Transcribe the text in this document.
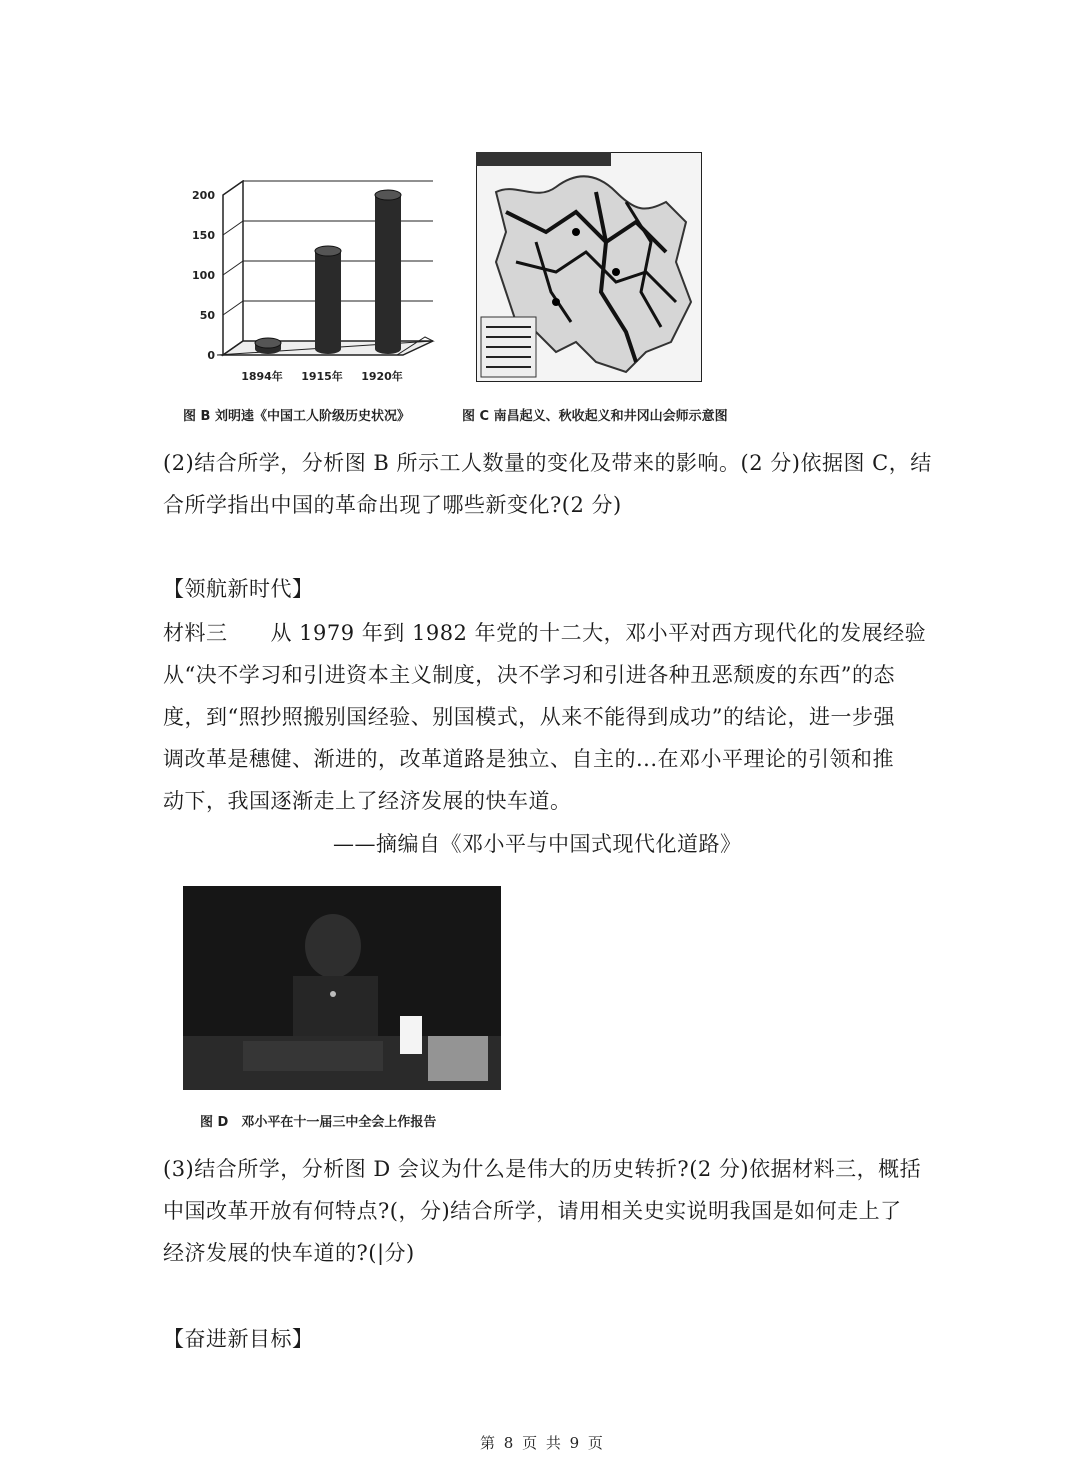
0
50
100
150
200
1894年 1915年 1920年
图 B 刘明逵《中国工人阶级历史状况》	图 C 南昌起义、秋收起义和井冈山会师示意图
(2)结合所学，分析图 B 所示工人数量的变化及带来的影响。(2 分)依据图 C，结
合所学指出中国的革命出现了哪些新变化?(2 分)
【领航新时代】
材料三　　从 1979 年到 1982 年党的十二大，邓小平对西方现代化的发展经验
从“决不学习和引进资本主义制度，决不学习和引进各种丑恶颓废的东西”的态
度，到“照抄照搬别国经验、别国模式，从来不能得到成功”的结论，进一步强
调改革是穗健、渐进的，改革道路是独立、自主的...在邓小平理论的引领和推
动下，我国逐渐走上了经济发展的快车道。
——摘编自《邓小平与中国式现代化道路》
图 D　邓小平在十一届三中全会上作报告
(3)结合所学，分析图 D 会议为什么是伟大的历史转折?(2 分)依据材料三，概括
中国改革开放有何特点?(，分)结合所学，请用相关史实说明我国是如何走上了
经济发展的快车道的?(|分)
【奋进新目标】
第 8 页 共 9 页
